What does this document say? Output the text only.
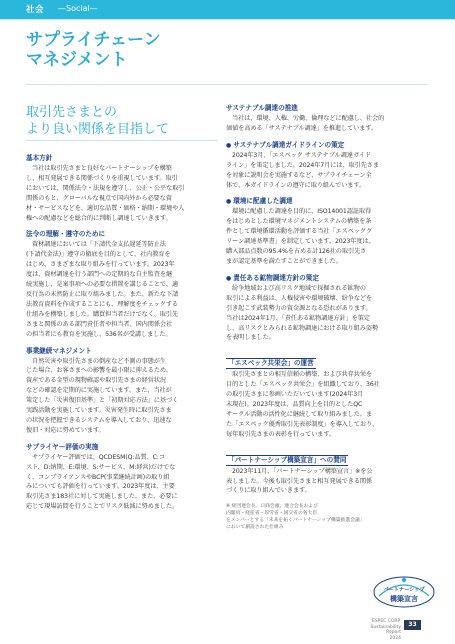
社会 —Social—
サプライチェーン
マネジメント
取引先さまとの
より良い関係を目指して
基本方針
当社は取引先さまと良好なパートナーシップを構築
し、相互発展できる関係づくりを重視しています。取引
においては、関係法令・法規を遵守し、公正・公平な取引
関係のもと、グローバルな視点で国内外から必要な資
材・サービスなどを、適切な品質・価格・納期・環境や人
権への配慮などを総合的に判断し調達していきます。
法令の理解・遵守のために
資材調達においては「下請代金支払遅延等防止法
(下請代金法)」遵守の徹底を目的として、社内教育を
はじめ、さまざまな取り組みを行っています。2023年
度は、資材調達を行う部門への定期的な自主監査を継
続実施し、是案事項への必要な措置を講じることで、適
反行為の未然防止に取り組みました。また、新たな下請
法教育資料を作成することにも、理解度をチェックする
仕組みを構築しました。購買担当者だけでなく、取引先
さまと関係のある部門責任者や担当者、国内関係会社
の担当者にも教育を実施し、536名が受講しました。
事業継続マネジメント
自然災害や取引先さまの倒産など不測の事態が生
じた場合、お客さまへの影響を最小限に抑えるため、
資産である金型の現物確認や取引先さまの経営状況
などの確認を定期的に実施しています。また、当社が
策定した「災害復旧基準」と「初期対応方法」に基づく
実践活動を実施しています。災害発生時に取引先さま
の状況を把握できるシステムを導入しており、迅速な
復旧・対応に努めています。
サプライヤー評価の実施
サプライヤー評価では、QCDESM(Q:品質、C:コ
スト、D:納期、E:環境、S:サービス、M:経営)だけでな
く、コンプライアンスやBCP(事業継続計画)の取り組
みについても評価を行っています。2023年度は、主要
取引先さま183社に対して実施しました。また、必要に
応じて現場訪問を行うことでリスク低減に努めました。
サステナブル調達の推進
当社は、環境、人権、労働、倫理などに配慮し、社会的
価値を高める「サステナブル調達」を推進しています。
● サステナブル調達ガイドラインの策定
2024年3月、「エスペック サステナブル調達ガイド
ライン」を策定しました。2024年7月には、取引先さま
を対象に説明会を実施するなど、サプライチェーン全
体で、本ガイドラインの遵守に取り組んでいます。
● 環境に配慮した調達
環境に配慮した調達を目的に、ISO14001認証取得
をはじめとした環境マネジメントシステムの構築を条
件として環境循環活動を評価する当社「エスペックグ
リーン調達基準書」を制定しています。2023年度は、
購入部品点数の95.4%を占める計126社の取引先さ
まが認定基準を満たすことができました。
● 責任ある鉱物調達方針の策定
紛争地域および高リスク地域で採掘される鉱物の
取引による利益は、人権侵害や環境破壊、紛争などを
引き起こす武装勢力の資金源となる恐れがあります。
当社は2024年1月、「責任ある鉱物調達方針」を策定
し、高リスクとみられる鉱物調達における取り組み姿勢
を表明しました。
「エスペック共栄会」の運営

取引先さまとの相互信頼の構築、および共存共栄を
目的とした「エスペック共栄会」を組織しており、36社
の取引先さまに参画いただいています(2024年3月
末現在)。2023年度は、品質向上を目的としたQC
サークル活動の活性化に継続して取り組みました。ま
た「エスペック優秀取引先表彰制度」を導入しており、
毎年取引先さまの表彰を行っています。
「パートナーシップ構築宣言」への賛同

2023年11月、「パートナーシップ構築宣言」※を公
表しました。今後も取引先さまと相互発展できる関係
づくりに取り組んでいきます。
※ 経団連会長、日商会頭、連合会長および
内閣府・経産省・厚労省・国交省の各大臣
をメンバーとする「未来を拓くパートナーシップ構築推進会議」
において創設された仕組み
パートナーシップ
構築宣言
ESPEC CORP.
Sustainability Report
2024
33
